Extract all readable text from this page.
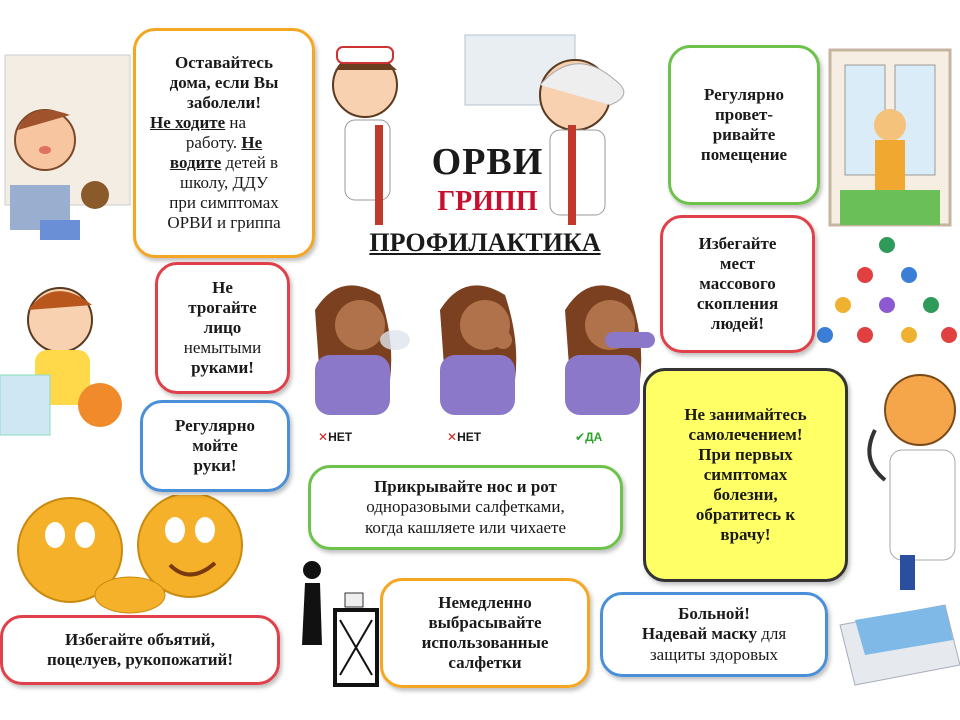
ОРВИ
ГРИПП
ПРОФИЛАКТИКА
Оставайтесь
дома, если Вы
заболели!
Не ходите на
работу. Не
водите детей в
школу, ДДУ
при симптомах
ОРВИ и гриппа
Регулярно
провет-
ривайте
помещение
Избегайте
мест
массового
скопления
людей!
Не
трогайте
лицо
немытыми
руками!
Регулярно
мойте
руки!
Не занимайтесь
самолечением!
При первых
симптомах
болезни,
обратитесь к
врачу!
Прикрывайте нос и рот
одноразовыми салфетками,
когда кашляете или чихаете
Избегайте объятий,
поцелуев, рукопожатий!
Немедленно
выбрасывайте
использованные
салфетки
Больной!
Надевай маску для
защиты здоровых
✕НЕТ	✕НЕТ	✔ДА
